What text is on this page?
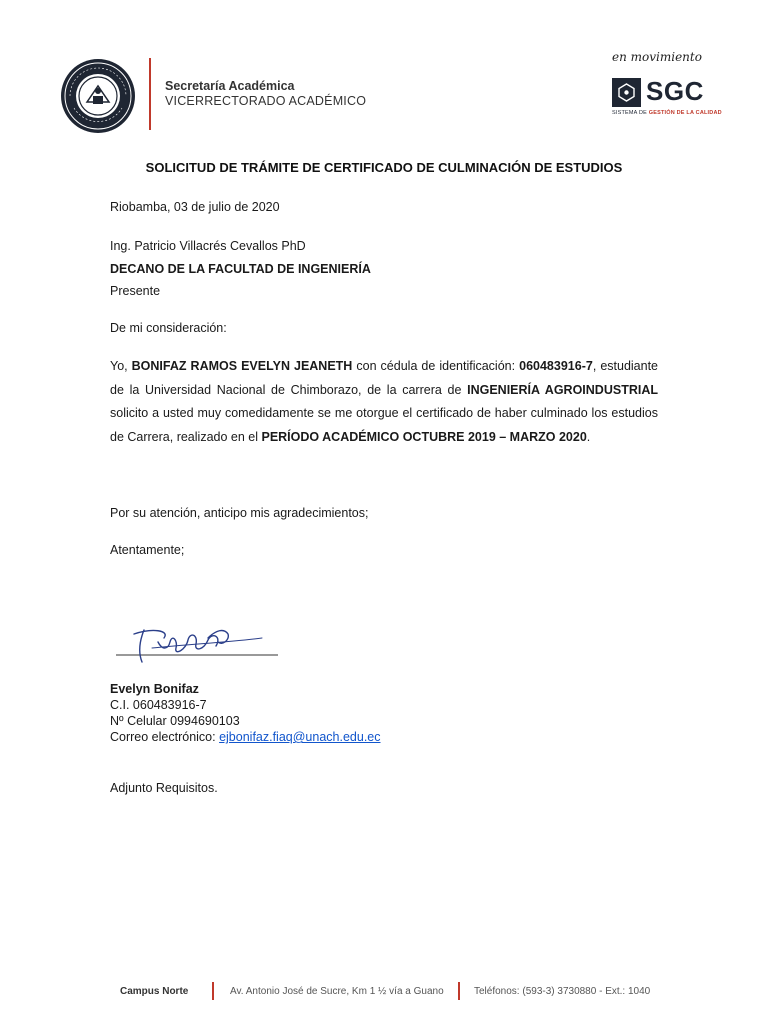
Secretaría Académica
VICERRECTORADO ACADÉMICO
en movimiento
SGC
SISTEMA DE GESTIÓN DE LA CALIDAD
SOLICITUD DE TRÁMITE DE CERTIFICADO DE CULMINACIÓN DE ESTUDIOS
Riobamba, 03 de julio de 2020
Ing. Patricio Villacrés Cevallos PhD
DECANO DE LA FACULTAD DE INGENIERÍA
Presente
De mi consideración:
Yo, BONIFAZ RAMOS EVELYN JEANETH con cédula de identificación: 060483916-7, estudiante de la Universidad Nacional de Chimborazo, de la carrera de INGENIERÍA AGROINDUSTRIAL solicito a usted muy comedidamente se me otorgue el certificado de haber culminado los estudios de Carrera, realizado en el PERÍODO ACADÉMICO OCTUBRE 2019 – MARZO 2020.
Por su atención, anticipo mis agradecimientos;
Atentamente;
Evelyn Bonifaz
C.I. 060483916-7
Nº Celular 0994690103
Correo electrónico: ejbonifaz.fiaq@unach.edu.ec
Adjunto Requisitos.
Campus Norte	Av. Antonio José de Sucre, Km 1 ½ vía a Guano	Teléfonos: (593-3) 3730880 - Ext.: 1040
